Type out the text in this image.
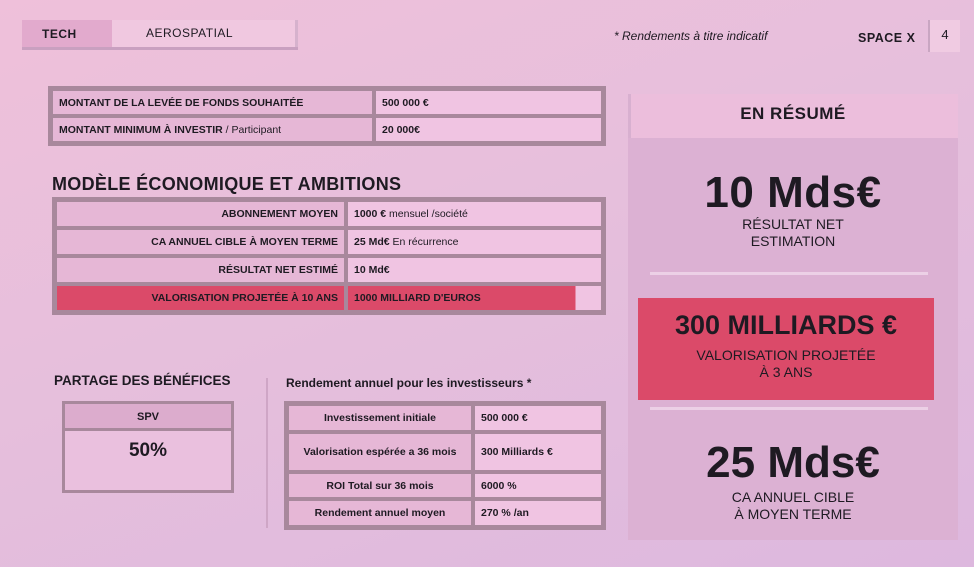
AEROSPATIAL
TECH	* Rendements à titre indicatif	SPACE X	4
MONTANT DE LA LEVÉE DE FONDS SOUHAITÉE	500 000 €
MONTANT MINIMUM À INVESTIR / Participant	20 000€
MODÈLE ÉCONOMIQUE ET AMBITIONS
ABONNEMENT MOYEN	1000 € mensuel /société
CA ANNUEL CIBLE À MOYEN TERME	25 Md€ En récurrence
RÉSULTAT NET ESTIMÉ	10 Md€
VALORISATION PROJETÉE À 10 ANS	1000 MILLIARD D'EUROS
PARTAGE DES BÉNÉFICES
SPV
50%
Rendement annuel pour les investisseurs *
Investissement initiale	500 000 €
Valorisation espérée a 36 mois	300 Milliards €
ROI Total sur 36 mois	6000 %
Rendement annuel moyen	270 % /an
EN RÉSUMÉ
10 Mds€
RÉSULTAT NET
ESTIMATION
300 MILLIARDS €
VALORISATION PROJETÉE
À 3 ANS
25 Mds€
CA ANNUEL CIBLE
À MOYEN TERME
